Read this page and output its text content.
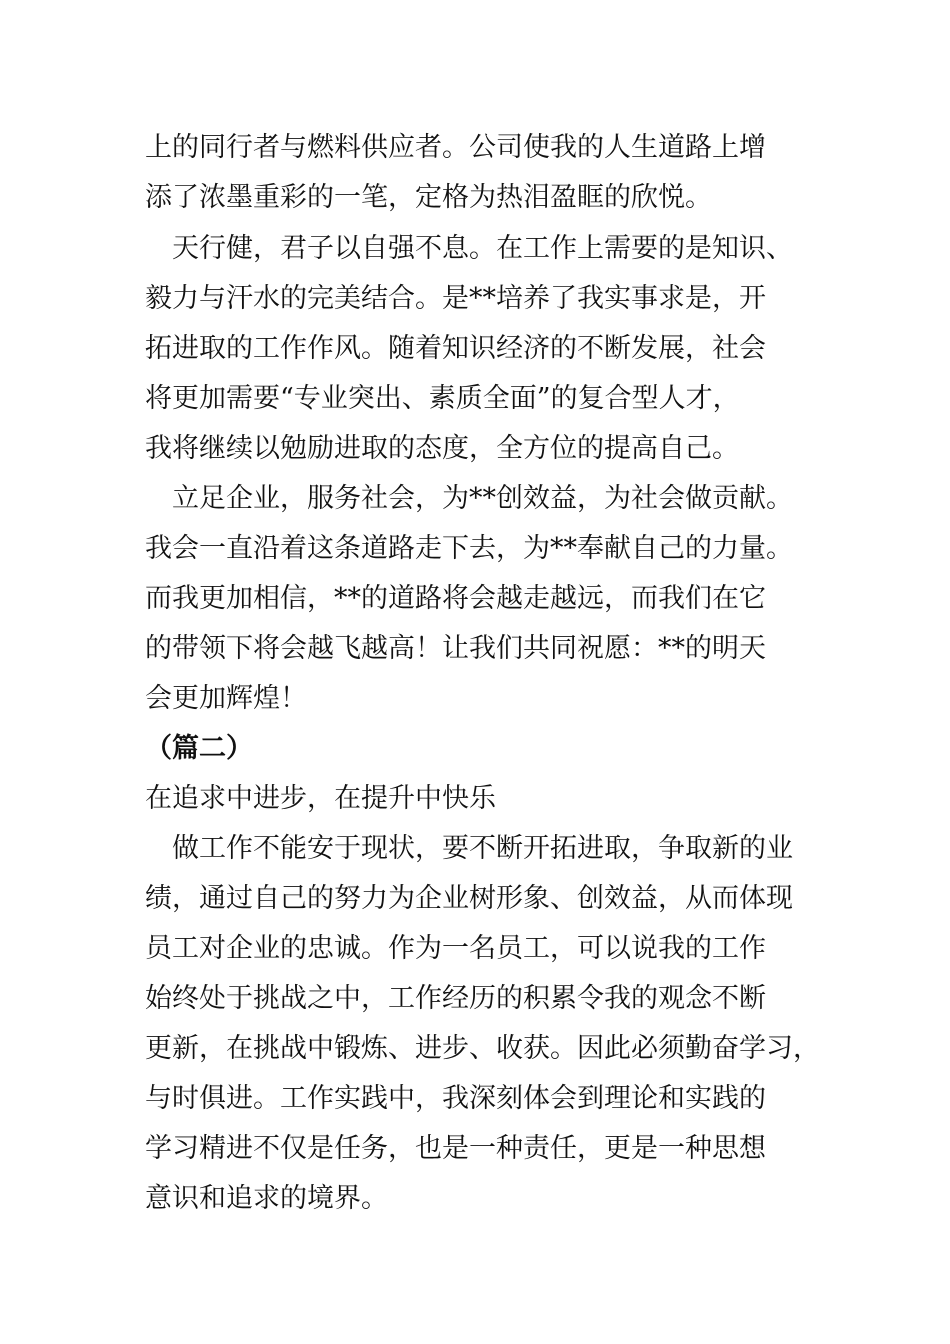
上的同行者与燃料供应者。公司使我的人生道路上增
添了浓墨重彩的一笔，定格为热泪盈眶的欣悦。
　天行健，君子以自强不息。在工作上需要的是知识、
毅力与汗水的完美结合。是**培养了我实事求是，开
拓进取的工作作风。随着知识经济的不断发展，社会
将更加需要“专业突出、素质全面”的复合型人才，
我将继续以勉励进取的态度，全方位的提高自己。
　立足企业，服务社会，为**创效益，为社会做贡献。
我会一直沿着这条道路走下去，为**奉献自己的力量。
而我更加相信，**的道路将会越走越远，而我们在它
的带领下将会越飞越高！让我们共同祝愿：**的明天
会更加辉煌！
（篇二）
在追求中进步，在提升中快乐
　做工作不能安于现状，要不断开拓进取，争取新的业
绩，通过自己的努力为企业树形象、创效益，从而体现
员工对企业的忠诚。作为一名员工，可以说我的工作
始终处于挑战之中，工作经历的积累令我的观念不断
更新，在挑战中锻炼、进步、收获。因此必须勤奋学习，
与时俱进。工作实践中，我深刻体会到理论和实践的
学习精进不仅是任务，也是一种责任，更是一种思想
意识和追求的境界。
